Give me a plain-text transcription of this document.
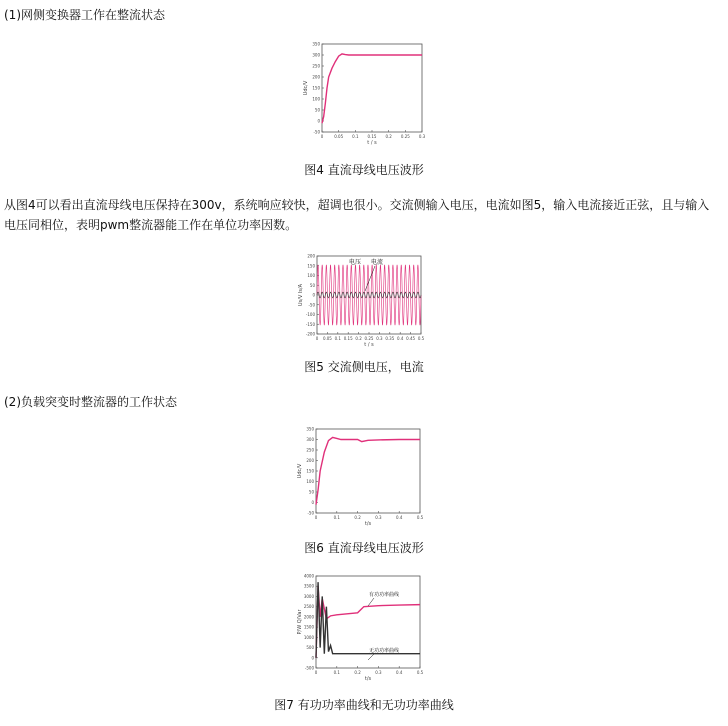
(1)网侧变换器工作在整流状态
0	0.05 0.1 0.15 0.2 0.25 0.3
-50
0
50
100
150
200
250
300
350
t / s
Udc/V
图4 直流母线电压波形
从图4可以看出直流母线电压保持在300v，系统响应较快，超调也很小。交流侧输入电压，电流如图5，输入电流接近正弦，且与输入电压同相位，表明pwm整流器能工作在单位功率因数。
0 0.05 0.1 0.15 0.2 0.25 0.3 0.35 0.4 0.45 0.5
-200
-150
-100
-50
0
50
100
150
200
t / s
Us/V Is/A
电压 电流
图5 交流侧电压，电流
(2)负载突变时整流器的工作状态
0	0.1	0.2	0.3	0.4	0.5
-50
0
50
100
150
200
250
300
350
t/s
Udc/V
图6 直流母线电压波形
0	0.1	0.2	0.3	0.4	0.5
-500
0
500
1000
1500
2000
2500
3000
3500
4000
t/s
P/W Q/Var
有功功率曲线
无功功率曲线
图7 有功功率曲线和无功功率曲线
